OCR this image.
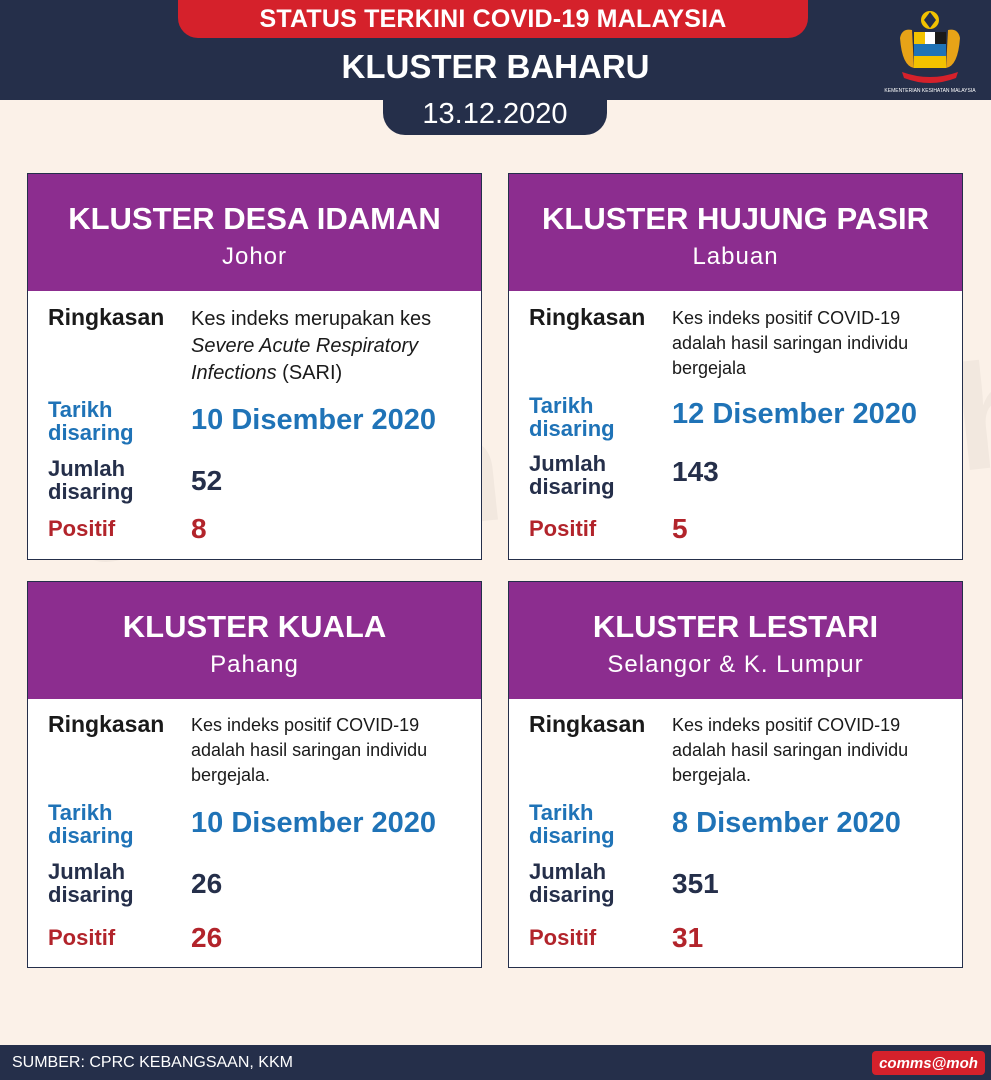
STATUS TERKINI COVID-19 MALAYSIA
KLUSTER BAHARU
13.12.2020
KEMENTERIAN KESIHATAN MALAYSIA
KLUSTER DESA IDAMAN
Johor
Ringkasan	Kes indeks merupakan kes
Severe Acute Respiratory Infections (SARI)
Tarikh disaring	10 Disember 2020
Jumlah disaring	52
Positif	8
KLUSTER HUJUNG PASIR
Labuan
Ringkasan	Kes indeks positif COVID-19 adalah hasil saringan individu bergejala
Tarikh disaring	12 Disember 2020
Jumlah disaring	143
Positif	5
KLUSTER KUALA
Pahang
Ringkasan	Kes indeks positif COVID-19 adalah hasil saringan individu bergejala.
Tarikh disaring	10 Disember 2020
Jumlah disaring	26
Positif	26
KLUSTER LESTARI
Selangor & K. Lumpur
Ringkasan	Kes indeks positif COVID-19 adalah hasil saringan individu bergejala.
Tarikh disaring	8 Disember 2020
Jumlah disaring	351
Positif	31
SUMBER: CPRC KEBANGSAAN, KKM	comms@moh
